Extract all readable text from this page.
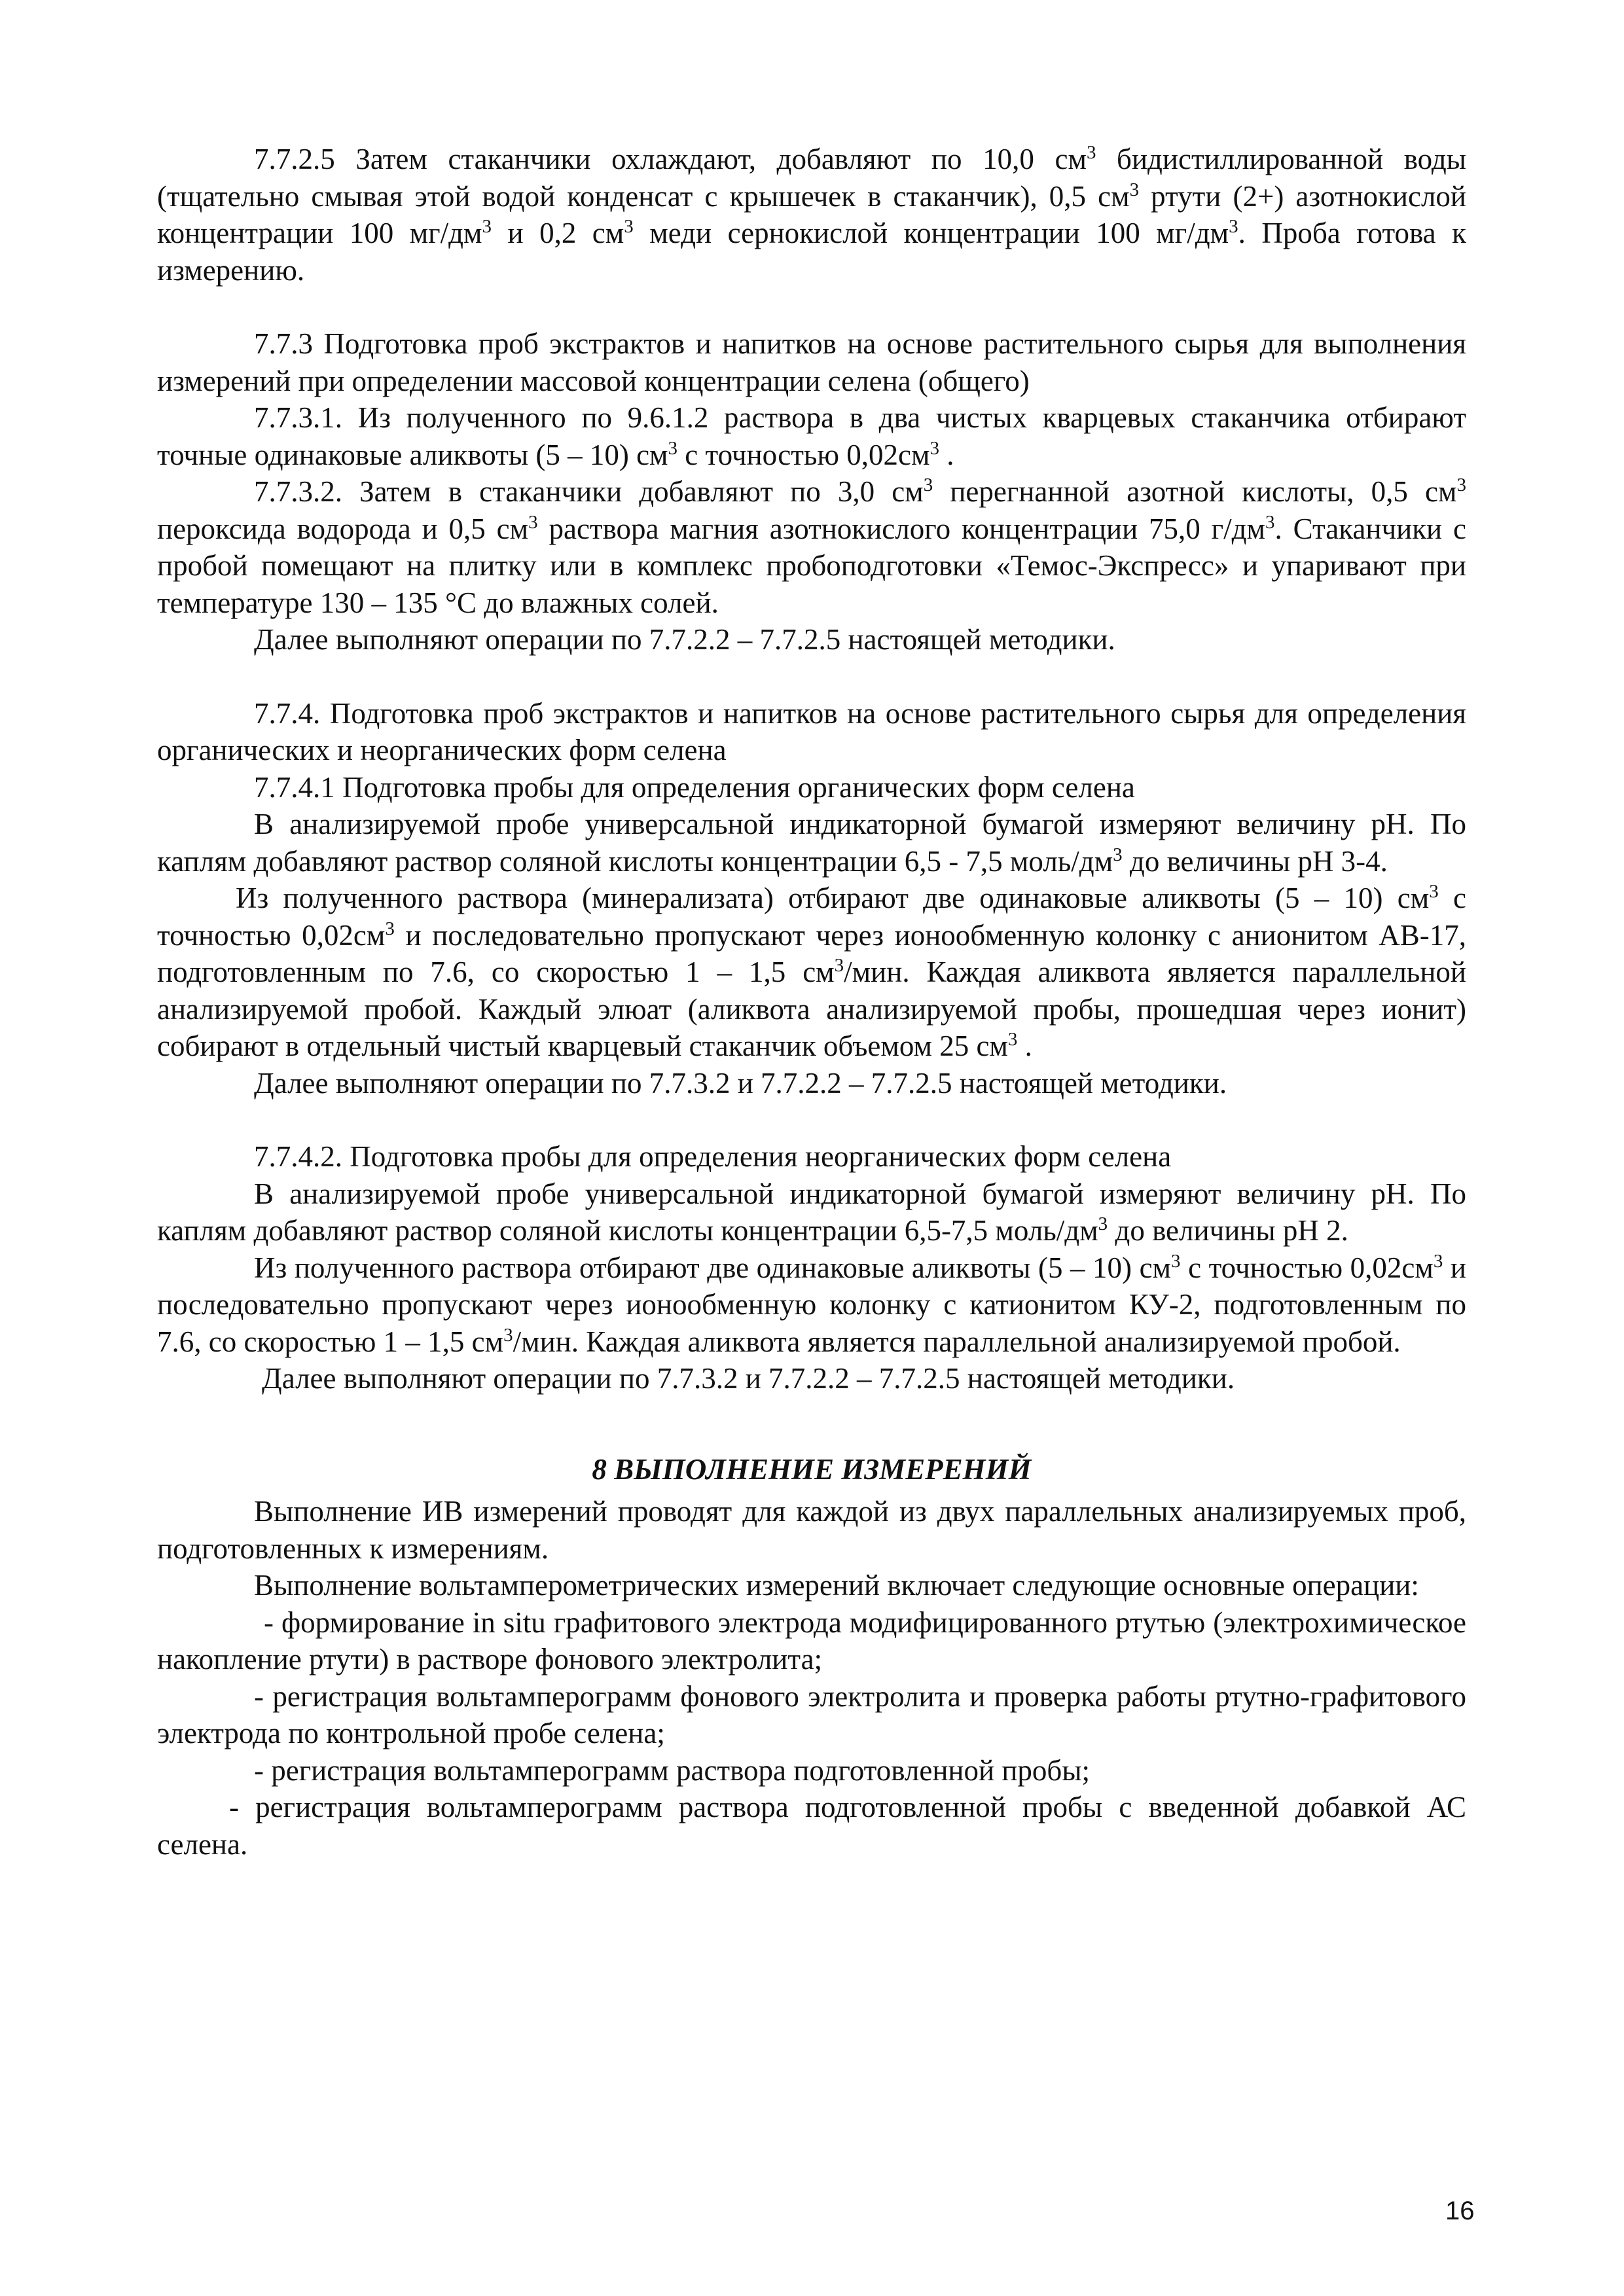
7.7.2.5 Затем стаканчики охлаждают, добавляют по 10,0 $см^3$ бидистиллированной воды (тщательно смывая этой водой конденсат с крышечек в стаканчик), 0,5 $см^3$ ртути (2+) азотнокислой концентрации 100 $мг/дм^3$ и 0,2 $см^3$ меди сернокислой концентрации 100 $мг/дм^3$. Проба готова к измерению.

7.7.3 Подготовка проб экстрактов и напитков на основе растительного сырья для выполнения измерений при определении массовой концентрации селена (общего)

7.7.3.1. Из полученного по 9.6.1.2 раствора в два чистых кварцевых стаканчика отбирают точные одинаковые аликвоты (5 – 10) $см^3$ с точностью $0,02см^3$ .

7.7.3.2. Затем в стаканчики добавляют по 3,0 $см^3$ перегнанной азотной кислоты, 0,5 $см^3$ пероксида водорода и 0,5 $см^3$ раствора магния азотнокислого концентрации 75,0 $г/дм^3$. Стаканчики с пробой помещают на плитку или в комплекс пробоподготовки «Темос-Экспресс» и упаривают при температуре 130 – 135 °С до влажных солей.

Далее выполняют операции по 7.7.2.2 – 7.7.2.5 настоящей методики.

7.7.4. Подготовка проб экстрактов и напитков на основе растительного сырья для определения органических и неорганических форм селена

7.7.4.1 Подготовка пробы для определения органических форм селена

В анализируемой пробе универсальной индикаторной бумагой измеряют величину рН. По каплям добавляют раствор соляной кислоты концентрации 6,5 - 7,5 моль/$дм^3$ до величины рН 3-4.

Из полученного раствора (минерализата) отбирают две одинаковые аликвоты (5 – 10) $см^3$ с точностью $0,02см^3$ и последовательно пропускают через ионообменную колонку с анионитом АВ-17, подготовленным по 7.6, со скоростью 1 – 1,5 $см^3$/мин. Каждая аликвота является параллельной анализируемой пробой. Каждый элюат (аликвота анализируемой пробы, прошедшая через ионит) собирают в отдельный чистый кварцевый стаканчик объемом 25 $см^3$ .

Далее выполняют операции по 7.7.3.2 и 7.7.2.2 – 7.7.2.5 настоящей методики.

7.7.4.2. Подготовка пробы для определения неорганических форм селена

В анализируемой пробе универсальной индикаторной бумагой измеряют величину рН. По каплям добавляют раствор соляной кислоты концентрации 6,5-7,5 моль/$дм^3$ до величины рН 2.

Из полученного раствора отбирают две одинаковые аликвоты (5 – 10) $см^3$ с точностью $0,02см^3$ и последовательно пропускают через ионообменную колонку с катионитом КУ-2, подготовленным по 7.6, со скоростью 1 – 1,5 $см^3$/мин. Каждая аликвота является параллельной анализируемой пробой.

Далее выполняют операции по 7.7.3.2 и 7.7.2.2 – 7.7.2.5 настоящей методики.

8 ВЫПОЛНЕНИЕ ИЗМЕРЕНИЙ

Выполнение ИВ измерений проводят для каждой из двух параллельных анализируемых проб, подготовленных к измерениям.

Выполнение вольтамперометрических измерений включает следующие основные операции:

- формирование in situ графитового электрода модифицированного ртутью (электрохимическое накопление ртути) в растворе фонового электролита;

- регистрация вольтамперограмм фонового электролита и проверка работы ртутно-графитового электрода по контрольной пробе селена;

- регистрация вольтамперограмм раствора подготовленной пробы;

- регистрация вольтамперограмм раствора подготовленной пробы с введенной добавкой АС селена.

16
